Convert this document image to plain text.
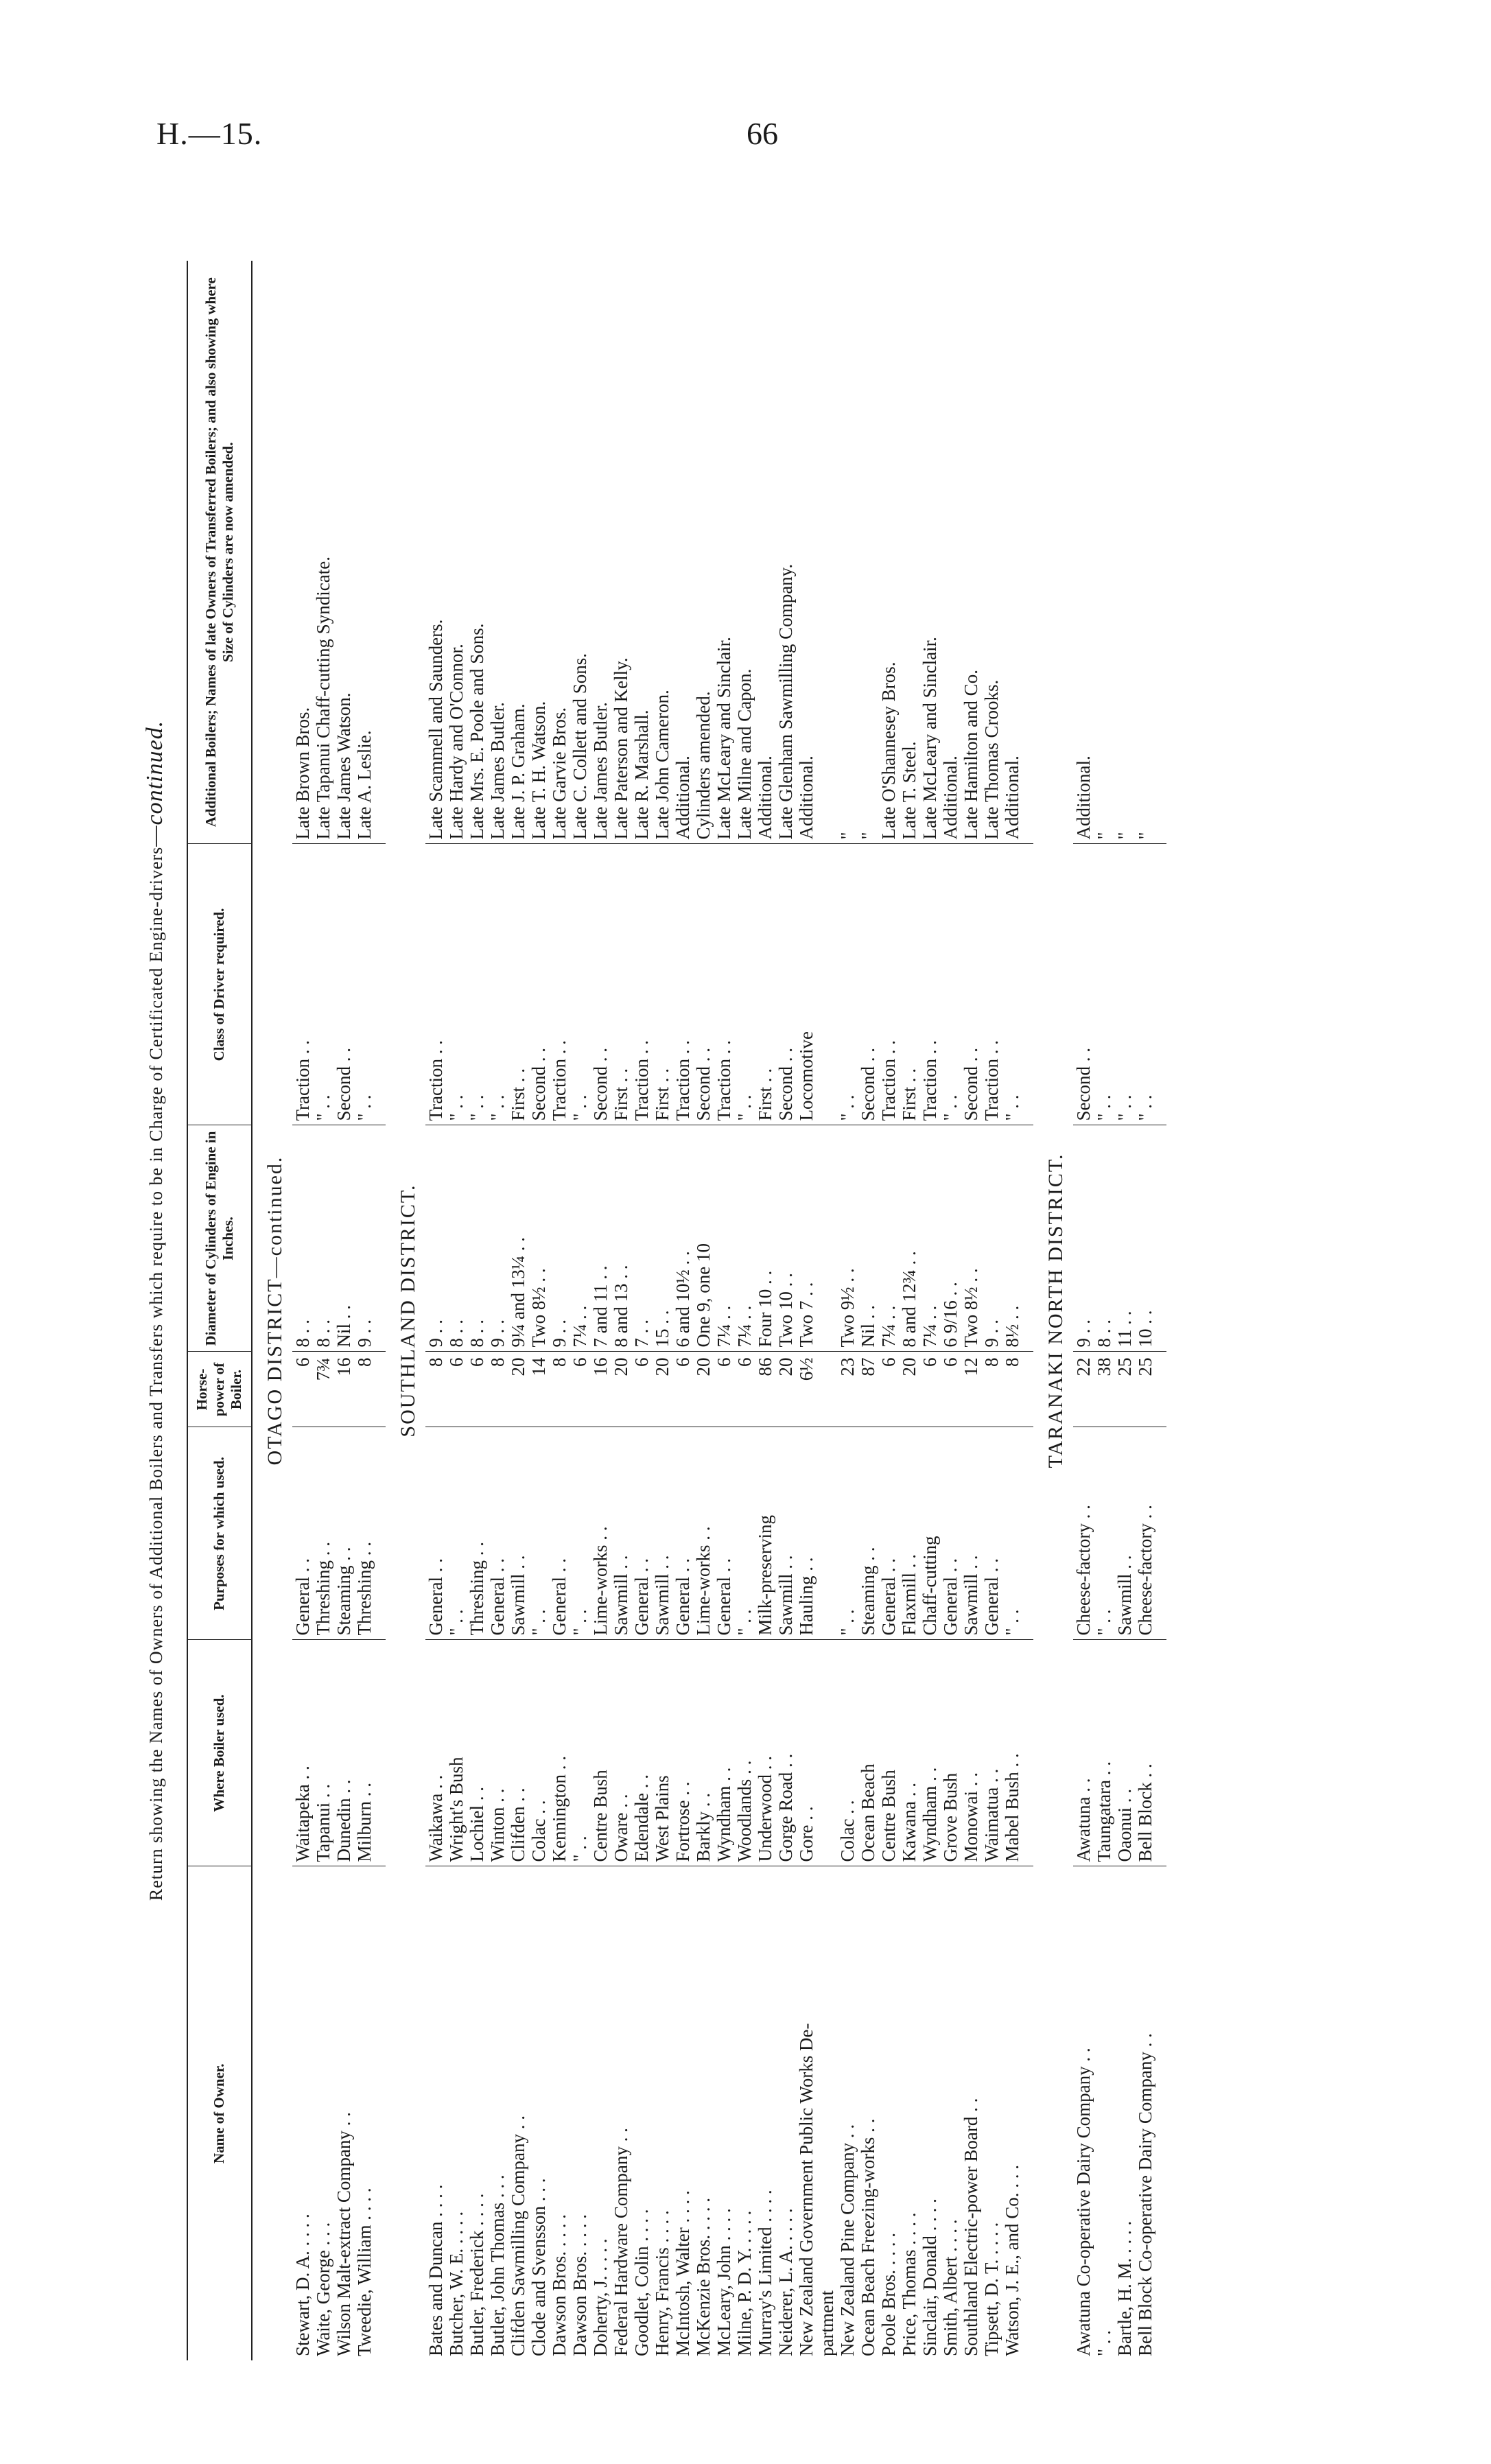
H.—15.	66
Return showing the Names of Owners of Additional Boilers and Transfers which require to be in Charge of Certificated Engine-drivers—continued.
Name of Owner.	Where Boiler used.	Purposes for which used.	Horse-power of Boiler.	Diameter of Cylinders of Engine in Inches.	Class of Driver required.	Additional Boilers; Names of late Owners of Transferred Boilers; and also showing where Size of Cylinders are now amended.
OTAGO DISTRICT—continued.						
Stewart, D. A. . . . .	Waitapeka . .	General . .	6	8 . .	Traction . .	Late Brown Bros.
Waite, George . . .	Tapanui . .	Threshing . .	7¾	8 . .	" . .	Late Tapanui Chaff-cutting Syndicate.
Wilson Malt-extract Company . .	Dunedin . .	Steaming . .	16	Nil . .	Second . .	Late James Watson.
Tweedie, William . . . .	Milburn . .	Threshing . .	8	9 . .	" . .	Late A. Leslie.

SOUTHLAND DISTRICT.						
Bates and Duncan . . . .	Waikawa . .	General . .	8	9 . .	Traction . .	Late Scammell and Saunders.
Butcher, W. E. . . . .	Wright's Bush	" . .	6	8 . .	" . .	Late Hardy and O'Connor.
Butler, Frederick . . . .	Lochiel . .	Threshing . .	6	8 . .	" . .	Late Mrs. E. Poole and Sons.
Butler, John Thomas . . .	Winton . .	General . .	8	9 . .	" . .	Late James Butler.
Clifden Sawmilling Company . .	Clifden . .	Sawmill . .	20	9¼ and 13¼ . .	First . .	Late J. P. Graham.
Clode and Svensson . . .	Colac . .	" . .	14	Two 8½ . .	Second . .	Late T. H. Watson.
Dawson Bros. . . . .	Kennington . .	General . .	8	9 . .	Traction . .	Late Garvie Bros.
Dawson Bros. . . . .	" . .	" . .	6	7¼ . .	" . .	Late C. Collett and Sons.
Doherty, J. . . . .	Centre Bush	Lime-works . .	16	7 and 11 . .	Second . .	Late James Butler.
Federal Hardware Company . .	Oware . .	Sawmill . .	20	8 and 13 . .	First . .	Late Paterson and Kelly.
Goodlet, Colin . . . .	Edendale . .	General . .	6	7 . .	Traction . .	Late R. Marshall.
Henry, Francis . . . .	West Plains	Sawmill . .	20	15 . .	First . .	Late John Cameron.
McIntosh, Walter . . . .	Fortrose . .	General . .	6	6 and 10½ . .	Traction . .	Additional.
McKenzie Bros. . . . .	Barkly . .	Lime-works . .	20	One 9, one 10	Second . .	Cylinders amended.
McLeary, John . . . .	Wyndham . .	General . .	6	7¼ . .	Traction . .	Late McLeary and Sinclair.
Milne, P. D. Y. . . . .	Woodlands . .	" . .	6	7¼ . .	" . .	Late Milne and Capon.
Murray's Limited . . . .	Underwood . .	Milk-preserving	86	Four 10 . .	First . .	Additional.
Neiderer, L. A. . . . .	Gorge Road . .	Sawmill . .	20	Two 10 . .	Second . .	Late Glenham Sawmilling Company.
New Zealand Government Public Works De-	Gore . .	Hauling . .	6½	Two 7 . .	Locomotive	Additional.
partment						
New Zealand Pine Company . .	Colac . .	" . .	23	Two 9½ . .	" . .	"
Ocean Beach Freezing-works . .	Ocean Beach	Steaming . .	87	Nil . .	Second . .	"
Poole Bros. . . . .	Centre Bush	General . .	6	7¼ . .	Traction . .	Late O'Shannesey Bros.
Price, Thomas . . . .	Kawana . .	Flaxmill . .	20	8 and 12¾ . .	First . .	Late T. Steel.
Sinclair, Donald . . . .	Wyndham . .	Chaff-cutting	6	7¼ . .	Traction . .	Late McLeary and Sinclair.
Smith, Albert . . . .	Grove Bush	General . .	6	6 9/16 . .	" . .	Additional.
Southland Electric-power Board . .	Monowai . .	Sawmill . .	12	Two 8½ . .	Second . .	Late Hamilton and Co.
Tipsett, D. T. . . . .	Waimatua . .	General . .	8	9 . .	Traction . .	Late Thomas Crooks.
Watson, J. E., and Co. . . .	Mabel Bush . .	" . .	8	8½ . .	" . .	Additional.

TARANAKI NORTH DISTRICT.						
Awatuna Co-operative Dairy Company . .	Awatuna . .	Cheese-factory . .	22	9 . .	Second . .	Additional.
" . .	Taungatara . .	" . .	38	8 . .	" . .	"
Bartle, H. M. . . . .	Oaonui . .	Sawmill . .	25	11 . .	" . .	"
Bell Block Co-operative Dairy Company . .	Bell Block . .	Cheese-factory . .	25	10 . .	" . .	"
